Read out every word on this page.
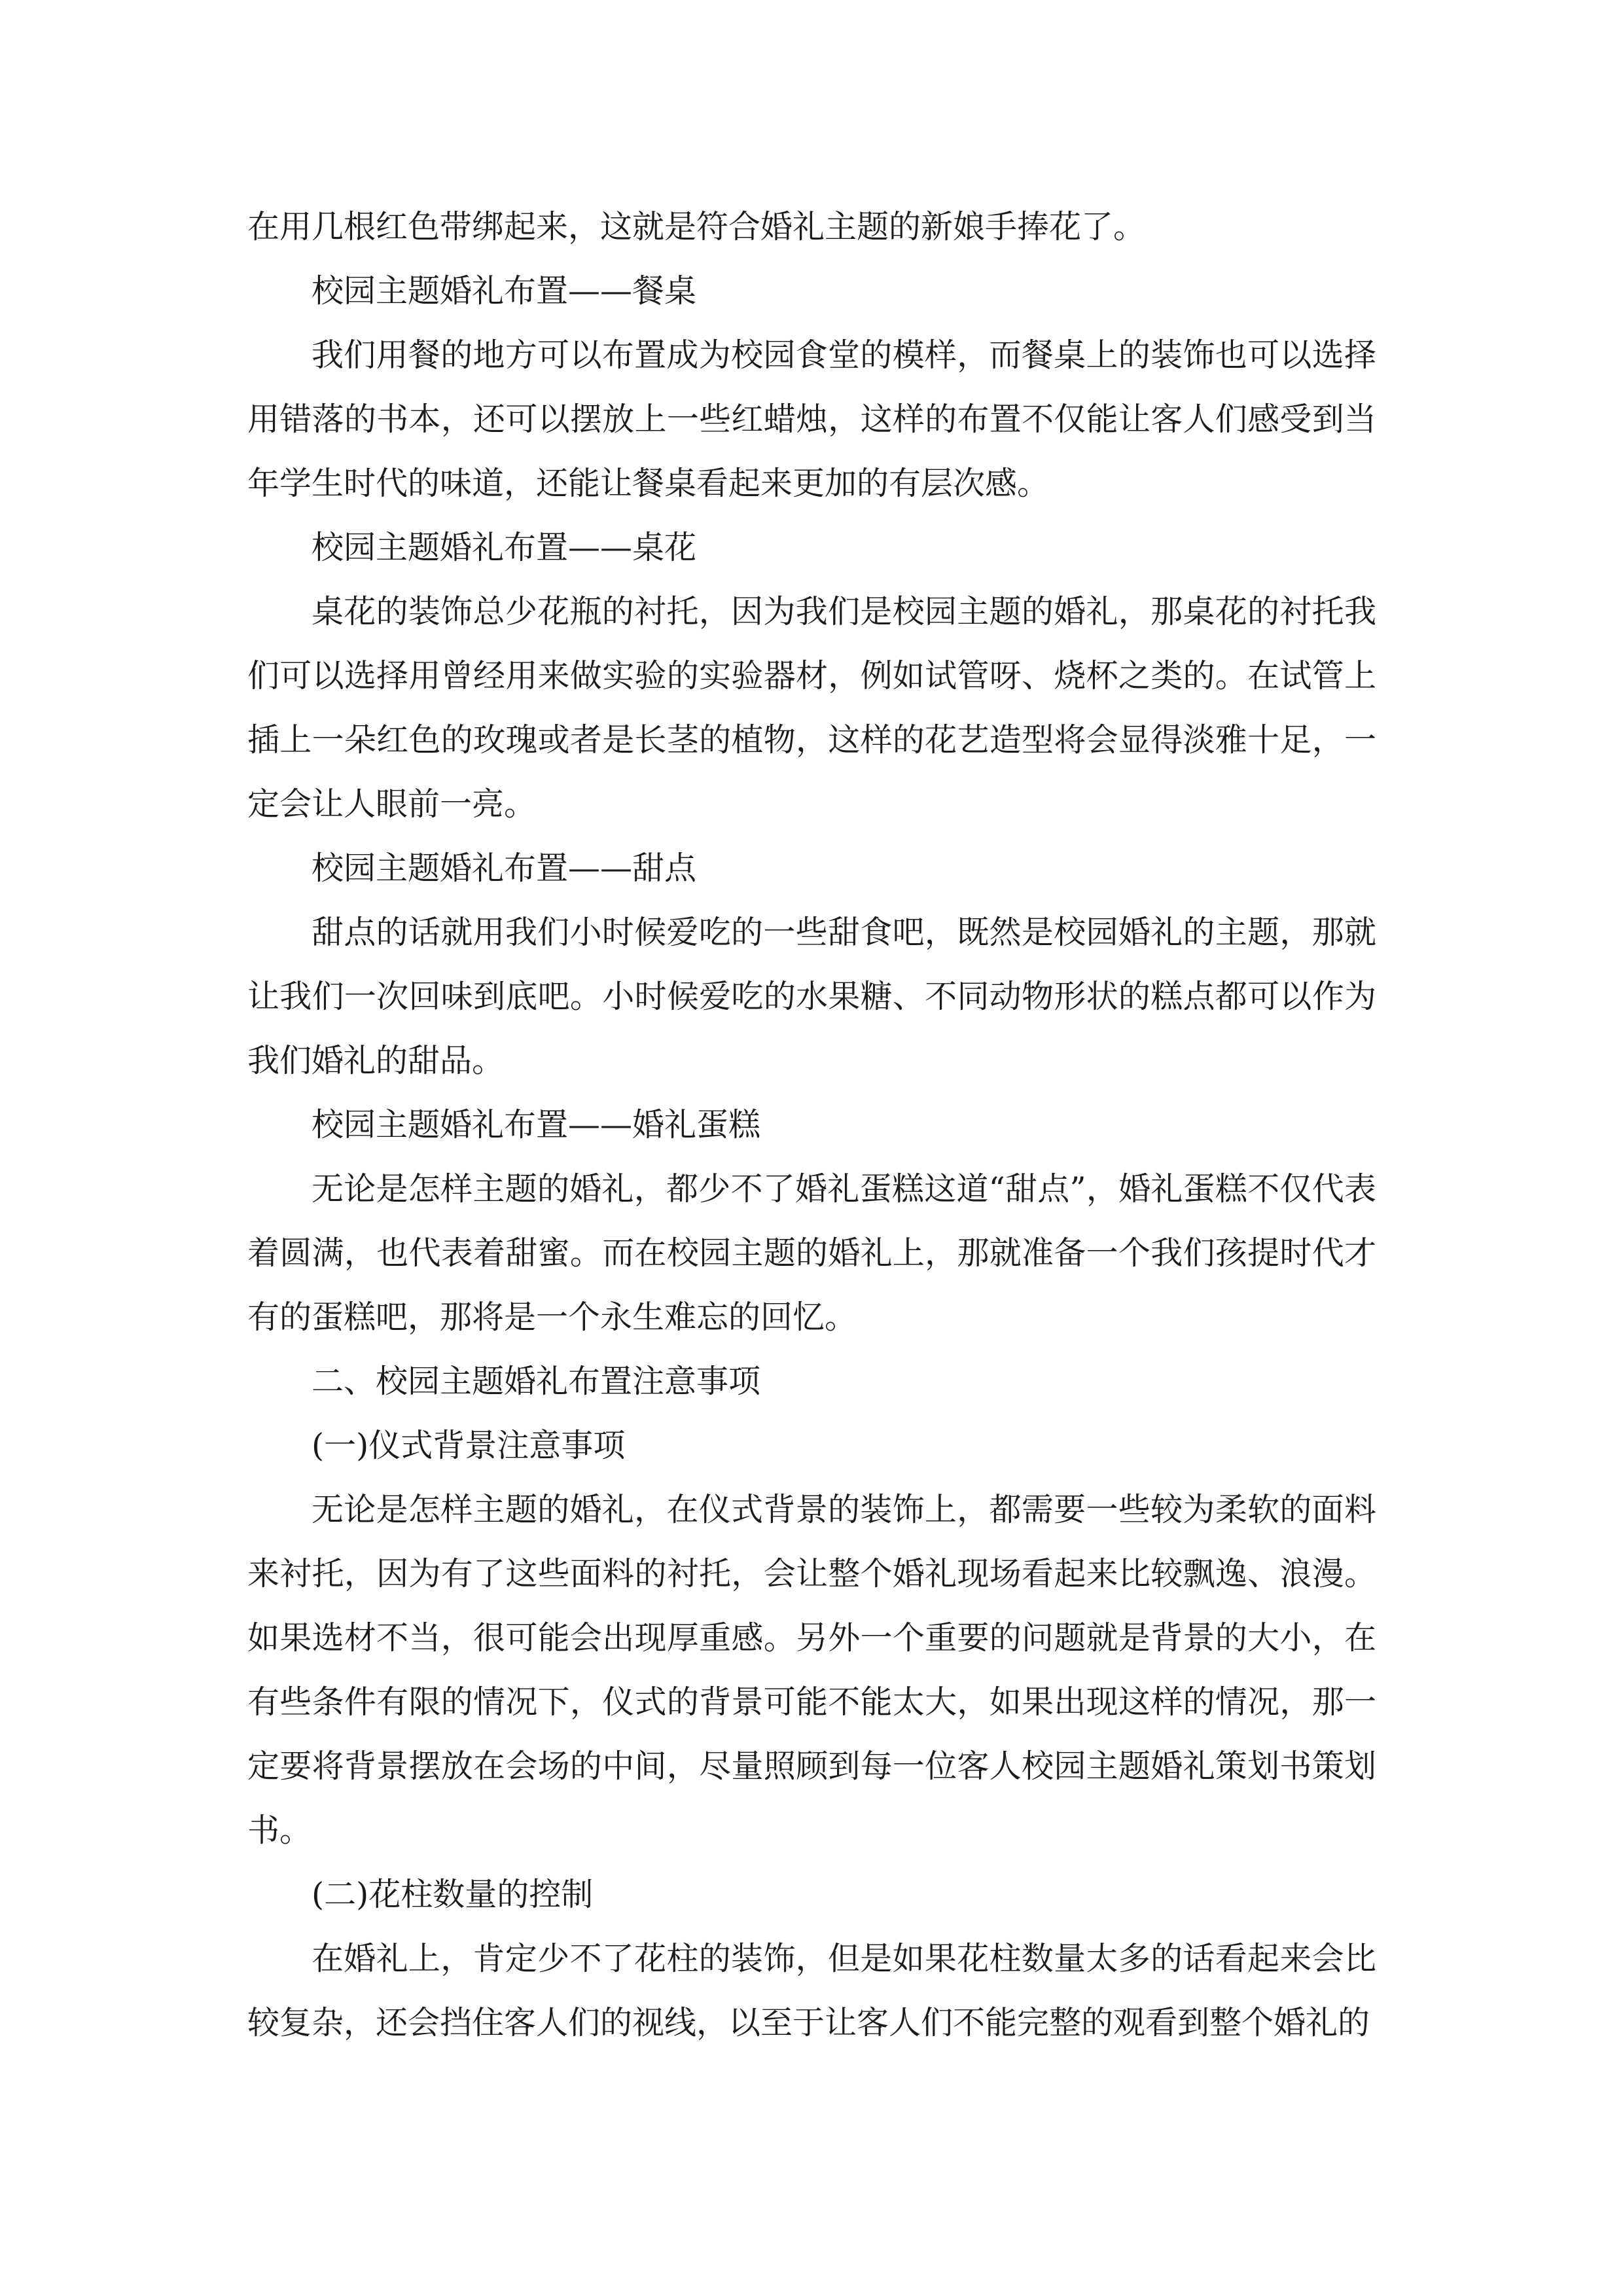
在用几根红色带绑起来，这就是符合婚礼主题的新娘手捧花了。

校园主题婚礼布置——餐桌

我们用餐的地方可以布置成为校园食堂的模样，而餐桌上的装饰也可以选择用错落的书本，还可以摆放上一些红蜡烛，这样的布置不仅能让客人们感受到当年学生时代的味道，还能让餐桌看起来更加的有层次感。

校园主题婚礼布置——桌花

桌花的装饰总少花瓶的衬托，因为我们是校园主题的婚礼，那桌花的衬托我们可以选择用曾经用来做实验的实验器材，例如试管呀、烧杯之类的。在试管上插上一朵红色的玫瑰或者是长茎的植物，这样的花艺造型将会显得淡雅十足，一定会让人眼前一亮。

校园主题婚礼布置——甜点

甜点的话就用我们小时候爱吃的一些甜食吧，既然是校园婚礼的主题，那就让我们一次回味到底吧。小时候爱吃的水果糖、不同动物形状的糕点都可以作为我们婚礼的甜品。

校园主题婚礼布置——婚礼蛋糕

无论是怎样主题的婚礼，都少不了婚礼蛋糕这道“甜点”，婚礼蛋糕不仅代表着圆满，也代表着甜蜜。而在校园主题的婚礼上，那就准备一个我们孩提时代才有的蛋糕吧，那将是一个永生难忘的回忆。

二、校园主题婚礼布置注意事项

(一)仪式背景注意事项

无论是怎样主题的婚礼，在仪式背景的装饰上，都需要一些较为柔软的面料来衬托，因为有了这些面料的衬托，会让整个婚礼现场看起来比较飘逸、浪漫。如果选材不当，很可能会出现厚重感。另外一个重要的问题就是背景的大小，在有些条件有限的情况下，仪式的背景可能不能太大，如果出现这样的情况，那一定要将背景摆放在会场的中间，尽量照顾到每一位客人校园主题婚礼策划书策划书。

(二)花柱数量的控制

在婚礼上，肯定少不了花柱的装饰，但是如果花柱数量太多的话看起来会比较复杂，还会挡住客人们的视线，以至于让客人们不能完整的观看到整个婚礼的
